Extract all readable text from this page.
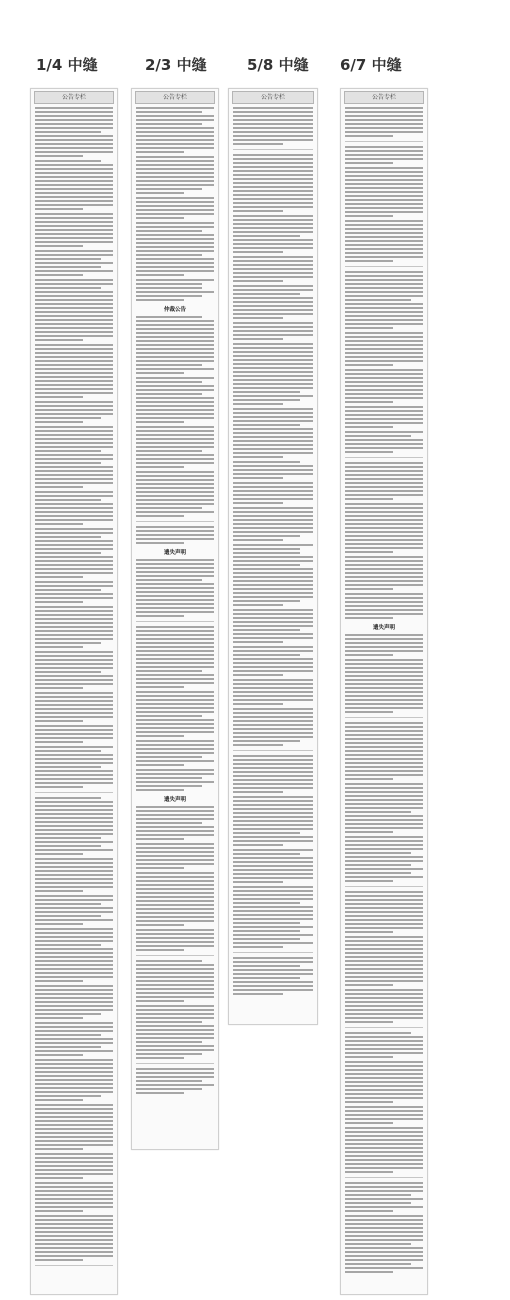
1/4 中缝	2/3 中缝	5/8 中缝 6/7 中缝
公告专栏	公告专栏
仲裁公告
遗失声明
遗失声明
公告专栏	公告专栏
遗失声明
